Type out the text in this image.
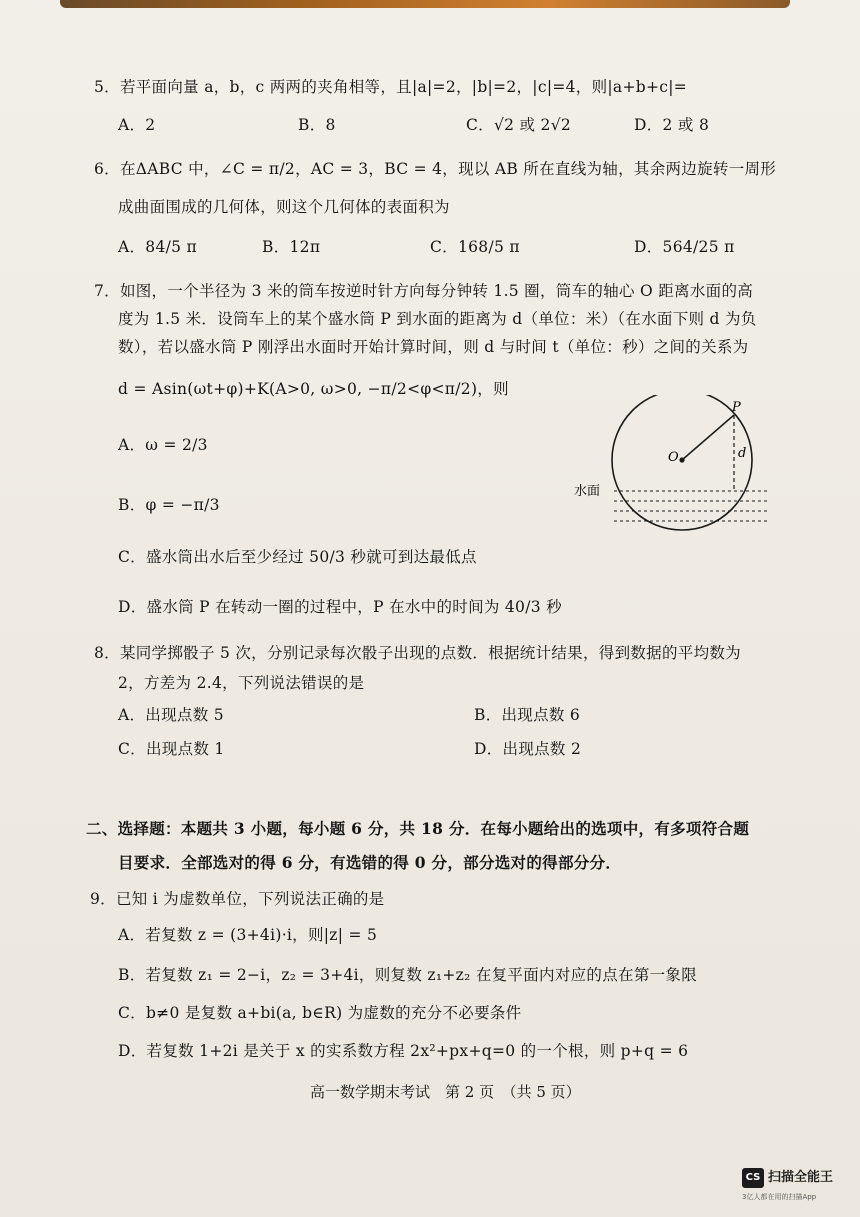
5．若平面向量 a，b，c 两两的夹角相等，且|a|=2，|b|=2，|c|=4，则|a+b+c|=
A．2	B．8	C．√2 或 2√2	D．2 或 8
6．在ΔABC 中，∠C = π/2，AC = 3，BC = 4，现以 AB 所在直线为轴，其余两边旋转一周形
成曲面围成的几何体，则这个几何体的表面积为
A．84/5 π	B．12π	C．168/5 π	D．564/25 π
7．如图，一个半径为 3 米的筒车按逆时针方向每分钟转 1.5 圈，筒车的轴心 O 距离水面的高
度为 1.5 米．设筒车上的某个盛水筒 P 到水面的距离为 d（单位：米）（在水面下则 d 为负
数），若以盛水筒 P 刚浮出水面时开始计算时间，则 d 与时间 t（单位：秒）之间的关系为
d = Asin(ωt+φ)+K(A>0, ω>0, −π/2<φ<π/2)，则
A．ω = 2/3
B．φ = −π/3
C．盛水筒出水后至少经过 50/3 秒就可到达最低点
D．盛水筒 P 在转动一圈的过程中，P 在水中的时间为 40/3 秒
P
O	d
水面
8．某同学掷骰子 5 次，分别记录每次骰子出现的点数．根据统计结果，得到数据的平均数为
2，方差为 2.4，下列说法错误的是
A．出现点数 5	B．出现点数 6
C．出现点数 1	D．出现点数 2
二、选择题：本题共 3 小题，每小题 6 分，共 18 分．在每小题给出的选项中，有多项符合题
目要求．全部选对的得 6 分，有选错的得 0 分，部分选对的得部分分．
9．已知 i 为虚数单位，下列说法正确的是
A．若复数 z = (3+4i)·i，则|z| = 5
B．若复数 z₁ = 2−i，z₂ = 3+4i，则复数 z₁+z₂ 在复平面内对应的点在第一象限
C．b≠0 是复数 a+bi(a, b∈R) 为虚数的充分不必要条件
D．若复数 1+2i 是关于 x 的实系数方程 2x²+px+q=0 的一个根，则 p+q = 6
高一数学期末考试　第 2 页　（共 5 页）
CS 扫描全能王
3亿人都在用的扫描App
